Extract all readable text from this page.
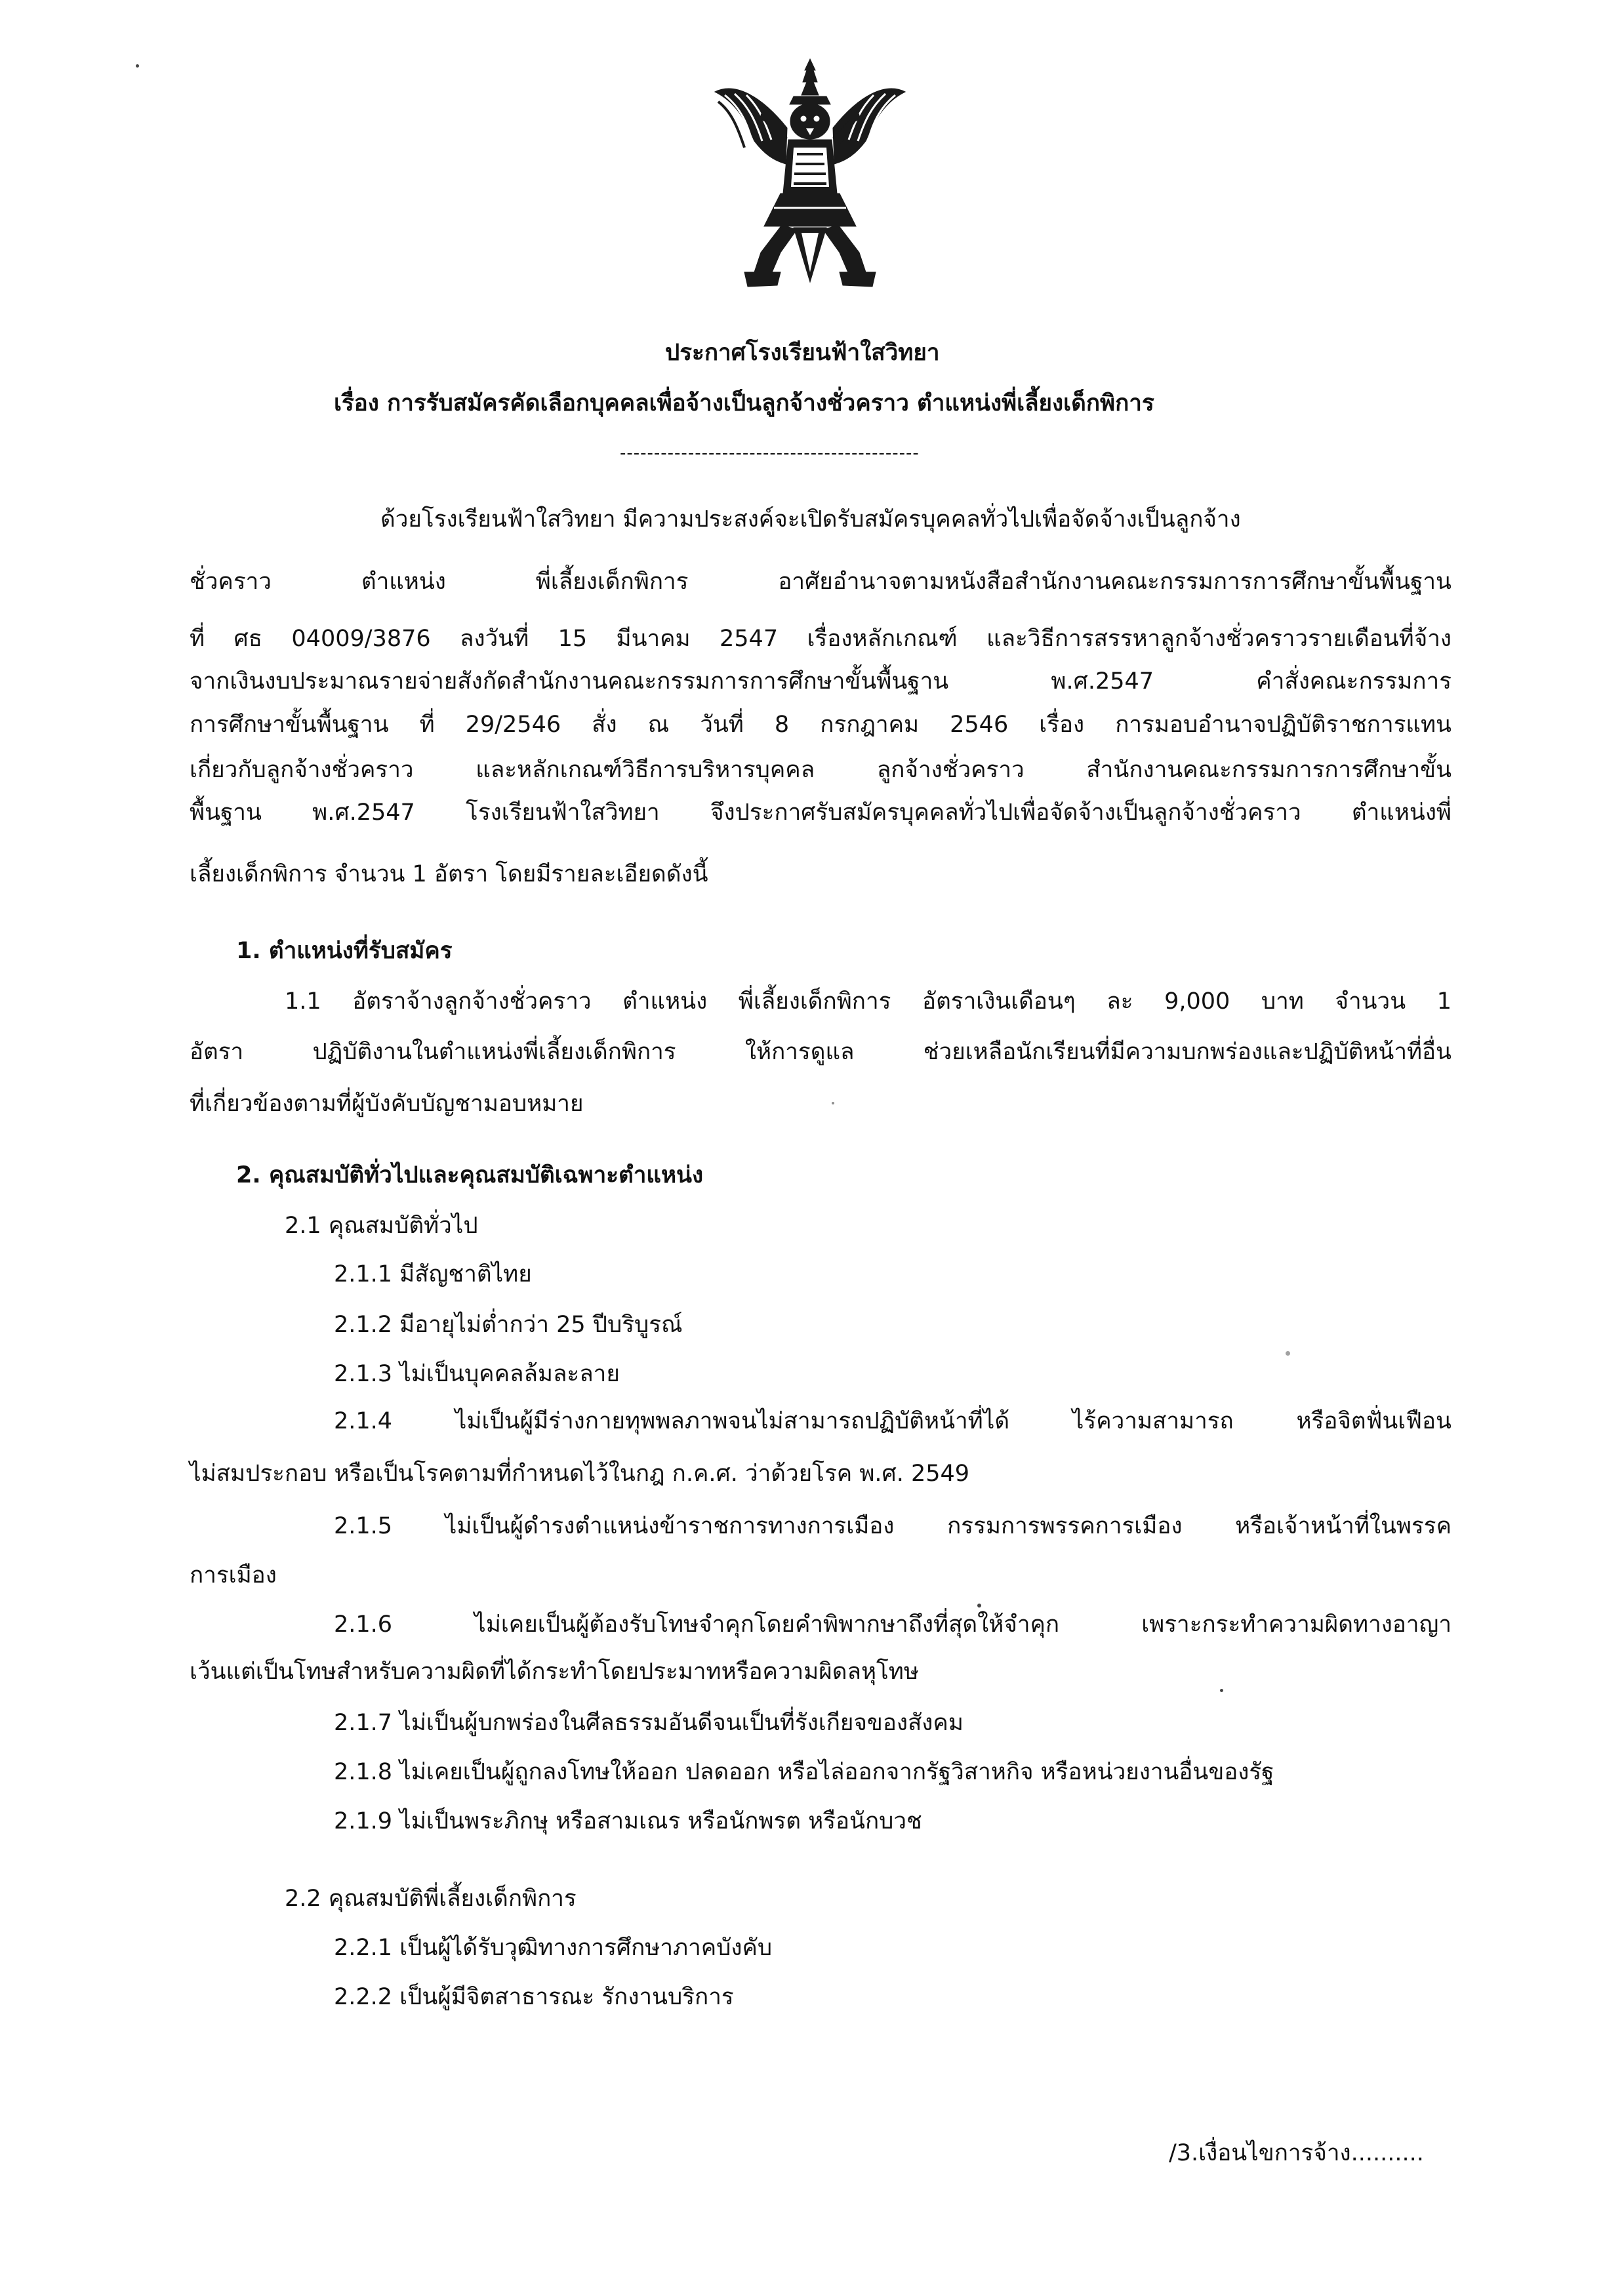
ประกาศโรงเรียนฟ้าใสวิทยา
เรื่อง การรับสมัครคัดเลือกบุคคลเพื่อจ้างเป็นลูกจ้างชั่วคราว ตำแหน่งพี่เลี้ยงเด็กพิการ
--------------------------------------------
ด้วยโรงเรียนฟ้าใสวิทยา มีความประสงค์จะเปิดรับสมัครบุคคลทั่วไปเพื่อจัดจ้างเป็นลูกจ้าง
ชั่วคราว ตำแหน่ง พี่เลี้ยงเด็กพิการ อาศัยอำนาจตามหนังสือสำนักงานคณะกรรมการการศึกษาขั้นพื้นฐาน
ที่ ศธ 04009/3876 ลงวันที่ 15 มีนาคม 2547 เรื่องหลักเกณฑ์ และวิธีการสรรหาลูกจ้างชั่วคราวรายเดือนที่จ้าง
จากเงินงบประมาณรายจ่ายสังกัดสำนักงานคณะกรรมการการศึกษาขั้นพื้นฐาน พ.ศ.2547 คำสั่งคณะกรรมการ
การศึกษาขั้นพื้นฐาน ที่ 29/2546 สั่ง ณ วันที่ 8 กรกฎาคม 2546 เรื่อง การมอบอำนาจปฏิบัติราชการแทน
เกี่ยวกับลูกจ้างชั่วคราว และหลักเกณฑ์วิธีการบริหารบุคคล ลูกจ้างชั่วคราว สำนักงานคณะกรรมการการศึกษาขั้น
พื้นฐาน พ.ศ.2547 โรงเรียนฟ้าใสวิทยา จึงประกาศรับสมัครบุคคลทั่วไปเพื่อจัดจ้างเป็นลูกจ้างชั่วคราว ตำแหน่งพี่
เลี้ยงเด็กพิการ จำนวน 1 อัตรา โดยมีรายละเอียดดังนี้
1. ตำแหน่งที่รับสมัคร
1.1 อัตราจ้างลูกจ้างชั่วคราว ตำแหน่ง พี่เลี้ยงเด็กพิการ อัตราเงินเดือนๆ ละ 9,000 บาท จำนวน 1
อัตรา ปฏิบัติงานในตำแหน่งพี่เลี้ยงเด็กพิการ ให้การดูแล ช่วยเหลือนักเรียนที่มีความบกพร่องและปฏิบัติหน้าที่อื่น
ที่เกี่ยวข้องตามที่ผู้บังคับบัญชามอบหมาย
2. คุณสมบัติทั่วไปและคุณสมบัติเฉพาะตำแหน่ง
2.1 คุณสมบัติทั่วไป
2.1.1 มีสัญชาติไทย
2.1.2 มีอายุไม่ต่ำกว่า 25 ปีบริบูรณ์
2.1.3 ไม่เป็นบุคคลล้มละลาย
2.1.4 ไม่เป็นผู้มีร่างกายทุพพลภาพจนไม่สามารถปฏิบัติหน้าที่ได้ ไร้ความสามารถ หรือจิตฟั่นเฟือน
ไม่สมประกอบ หรือเป็นโรคตามที่กำหนดไว้ในกฎ ก.ค.ศ. ว่าด้วยโรค พ.ศ. 2549
2.1.5 ไม่เป็นผู้ดำรงตำแหน่งข้าราชการทางการเมือง กรรมการพรรคการเมือง หรือเจ้าหน้าที่ในพรรค
การเมือง
2.1.6 ไม่เคยเป็นผู้ต้องรับโทษจำคุกโดยคำพิพากษาถึงที่สุดให้จำคุก เพราะกระทำความผิดทางอาญา
เว้นแต่เป็นโทษสำหรับความผิดที่ได้กระทำโดยประมาทหรือความผิดลหุโทษ
2.1.7 ไม่เป็นผู้บกพร่องในศีลธรรมอันดีจนเป็นที่รังเกียจของสังคม
2.1.8 ไม่เคยเป็นผู้ถูกลงโทษให้ออก ปลดออก หรือไล่ออกจากรัฐวิสาหกิจ หรือหน่วยงานอื่นของรัฐ
2.1.9 ไม่เป็นพระภิกษุ หรือสามเณร หรือนักพรต หรือนักบวช
2.2 คุณสมบัติพี่เลี้ยงเด็กพิการ
2.2.1 เป็นผู้ได้รับวุฒิทางการศึกษาภาคบังคับ
2.2.2 เป็นผู้มีจิตสาธารณะ รักงานบริการ
/3.เงื่อนไขการจ้าง..........
